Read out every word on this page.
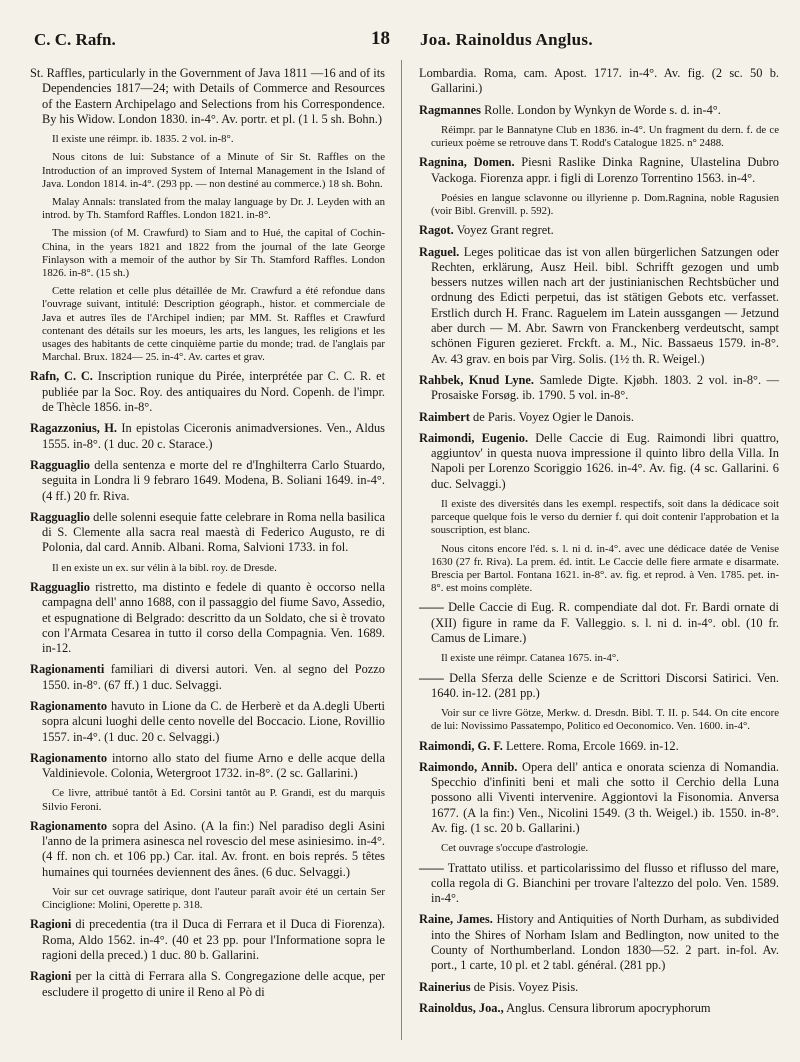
C. C. Rafn.	18 Joa. Rainoldus Anglus.
St. Raffles, particularly in the Government of Java 1811 —16 and of its Dependencies 1817—24; with Details of Commerce and Resources of the Eastern Archipelago and Selections from his Correspondence. By his Widow. London 1830. in-4°. Av. portr. et pl. (1 l. 5 sh. Bohn.)
Il existe une réimpr. ib. 1835. 2 vol. in-8°.
Nous citons de lui: Substance of a Minute of Sir St. Raffles on the Introduction of an improved System of Internal Management in the Island of Java. London 1814. in-4°. (293 pp. — non destiné au commerce.) 18 sh. Bohn.
Malay Annals: translated from the malay language by Dr. J. Leyden with an introd. by Th. Stamford Raffles. London 1821. in-8°.
The mission (of M. Crawfurd) to Siam and to Hué, the capital of Cochin-China, in the years 1821 and 1822 from the journal of the late George Finlayson with a memoir of the author by Sir Th. Stamford Raffles. London 1826. in-8°. (15 sh.)
Cette relation et celle plus détaillée de Mr. Crawfurd a été refondue dans l'ouvrage suivant, intitulé: Description géograph., histor. et commerciale de Java et autres îles de l'Archipel indien; par MM. St. Raffles et Crawfurd contenant des détails sur les moeurs, les arts, les langues, les religions et les usages des habitants de cette cinquième partie du monde; trad. de l'anglais par Marchal. Brux. 1824— 25. in-4°. Av. cartes et grav.
Rafn, C. C. Inscription runique du Pirée, interprétée par C. C. R. et publiée par la Soc. Roy. des antiquaires du Nord. Copenh. de l'impr. de Thècle 1856. in-8°.
Ragazzonius, H. In epistolas Ciceronis animadversiones. Ven., Aldus 1555. in-8°. (1 duc. 20 c. Starace.)
Ragguaglio della sentenza e morte del re d'Inghilterra Carlo Stuardo, seguita in Londra li 9 febraro 1649. Modena, B. Soliani 1649. in-4°. (4 ff.) 20 fr. Riva.
Ragguaglio delle solenni esequie fatte celebrare in Roma nella basilica di S. Clemente alla sacra real maestà di Federico Augusto, re di Polonia, dal card. Annib. Albani. Roma, Salvioni 1733. in fol.
Il en existe un ex. sur vélin à la bibl. roy. de Dresde.
Ragguaglio ristretto, ma distinto e fedele di quanto è occorso nella campagna dell' anno 1688, con il passaggio del fiume Savo, Assedio, et espugnatione di Belgrado: descritto da un Soldato, che si è trovato con l'Armata Cesarea in tutto il corso della Compagnia. Ven. 1689. in-12.
Ragionamenti familiari di diversi autori. Ven. al segno del Pozzo 1550. in-8°. (67 ff.) 1 duc. Selvaggi.
Ragionamento havuto in Lione da C. de Herberè et da A.degli Uberti sopra alcuni luoghi delle cento novelle del Boccacio. Lione, Rovillio 1557. in-4°. (1 duc. 20 c. Selvaggi.)
Ragionamento intorno allo stato del fiume Arno e delle acque della Valdinievole. Colonia, Wetergroot 1732. in-8°. (2 sc. Gallarini.)
Ce livre, attribué tantôt à Ed. Corsini tantôt au P. Grandi, est du marquis Silvio Feroni.
Ragionamento sopra del Asino. (A la fin:) Nel paradiso degli Asini l'anno de la primera asinesca nel rovescio del mese asiniesimo. in-4°. (4 ff. non ch. et 106 pp.) Car. ital. Av. front. en bois représ. 5 têtes humaines qui tournées deviennent des ânes. (6 duc. Selvaggi.)
Voir sur cet ouvrage satirique, dont l'auteur paraît avoir été un certain Ser Cinciglione: Molini, Operette p. 318.
Ragioni di precedentia (tra il Duca di Ferrara et il Duca di Fiorenza). Roma, Aldo 1562. in-4°. (40 et 23 pp. pour l'Informatione sopra le ragioni della preced.) 1 duc. 80 b. Gallarini.
Ragioni per la città di Ferrara alla S. Congregazione delle acque, per escludere il progetto di unire il Reno al Pò di
Lombardia. Roma, cam. Apost. 1717. in-4°. Av. fig. (2 sc. 50 b. Gallarini.)
Ragmannes Rolle. London by Wynkyn de Worde s. d. in-4°.
Réimpr. par le Bannatyne Club en 1836. in-4°. Un fragment du dern. f. de ce curieux poème se retrouve dans T. Rodd's Catalogue 1825. n° 2488.
Ragnina, Domen. Piesni Raslike Dinka Ragnine, Ulastelina Dubro Vackoga. Fiorenza appr. i figli di Lorenzo Torrentino 1563. in-4°.
Poésies en langue sclavonne ou illyrienne p. Dom.Ragnina, noble Ragusien (voir Bibl. Grenvill. p. 592).
Ragot. Voyez Grant regret.
Raguel. Leges politicae das ist von allen bürgerlichen Satzungen oder Rechten, erklärung, Ausz Heil. bibl. Schrifft gezogen und umb bessers nutzes willen nach art der justinianischen Rechtsbücher und ordnung des Edicti perpetui, das ist stätigen Gebots etc. verfasset. Erstlich durch H. Franc. Raguelem im Latein aussgangen — Jetzund aber durch — M. Abr. Sawrn von Franckenberg verdeutscht, sampt schönen Figuren gezieret. Frckft. a. M., Nic. Bassaeus 1579. in-8°. Av. 43 grav. en bois par Virg. Solis. (1½ th. R. Weigel.)
Rahbek, Knud Lyne. Samlede Digte. Kjøbh. 1803. 2 vol. in-8°. — Prosaiske Forsøg. ib. 1790. 5 vol. in-8°.
Raimbert de Paris. Voyez Ogier le Danois.
Raimondi, Eugenio. Delle Caccie di Eug. Raimondi libri quattro, aggiuntov' in questa nuova impressione il quinto libro della Villa. In Napoli per Lorenzo Scoriggio 1626. in-4°. Av. fig. (4 sc. Gallarini. 6 duc. Selvaggi.)
Il existe des diversités dans les exempl. respectifs, soit dans la dédicace soit parceque quelque fois le verso du dernier f. qui doit contenir l'approbation et la souscription, est blanc.
Nous citons encore l'éd. s. l. ni d. in-4°. avec une dédicace datée de Venise 1630 (27 fr. Riva). La prem. éd. intit. Le Caccie delle fiere armate e disarmate. Brescia per Bartol. Fontana 1621. in-8°. av. fig. et reprod. à Ven. 1785. pet. in-8°. est moins complète.
—— Delle Caccie di Eug. R. compendiate dal dot. Fr. Bardi ornate di (XII) figure in rame da F. Valleggio. s. l. ni d. in-4°. obl. (10 fr. Camus de Limare.)
Il existe une réimpr. Catanea 1675. in-4°.
—— Della Sferza delle Scienze e de Scrittori Discorsi Satirici. Ven. 1640. in-12. (281 pp.)
Voir sur ce livre Götze, Merkw. d. Dresdn. Bibl. T. II. p. 544. On cite encore de lui: Novissimo Passatempo, Politico ed Oeconomico. Ven. 1600. in-4°.
Raimondi, G. F. Lettere. Roma, Ercole 1669. in-12.
Raimondo, Annib. Opera dell' antica e onorata scienza di Nomandia. Specchio d'infiniti beni et mali che sotto il Cerchio della Luna possono alli Viventi intervenire. Aggiontovi la Fisonomia. Anversa 1677. (A la fin:) Ven., Nicolini 1549. (3 th. Weigel.) ib. 1550. in-8°. Av. fig. (1 sc. 20 b. Gallarini.)
Cet ouvrage s'occupe d'astrologie.
—— Trattato utiliss. et particolarissimo del flusso et riflusso del mare, colla regola di G. Bianchini per trovare l'altezzo del polo. Ven. 1589. in-4°.
Raine, James. History and Antiquities of North Durham, as subdivided into the Shires of Norham Islam and Bedlington, now united to the County of Northumberland. London 1830—52. 2 part. in-fol. Av. port., 1 carte, 10 pl. et 2 tabl. général. (281 pp.)
Rainerius de Pisis. Voyez Pisis.
Rainoldus, Joa., Anglus. Censura librorum apocryphorum
